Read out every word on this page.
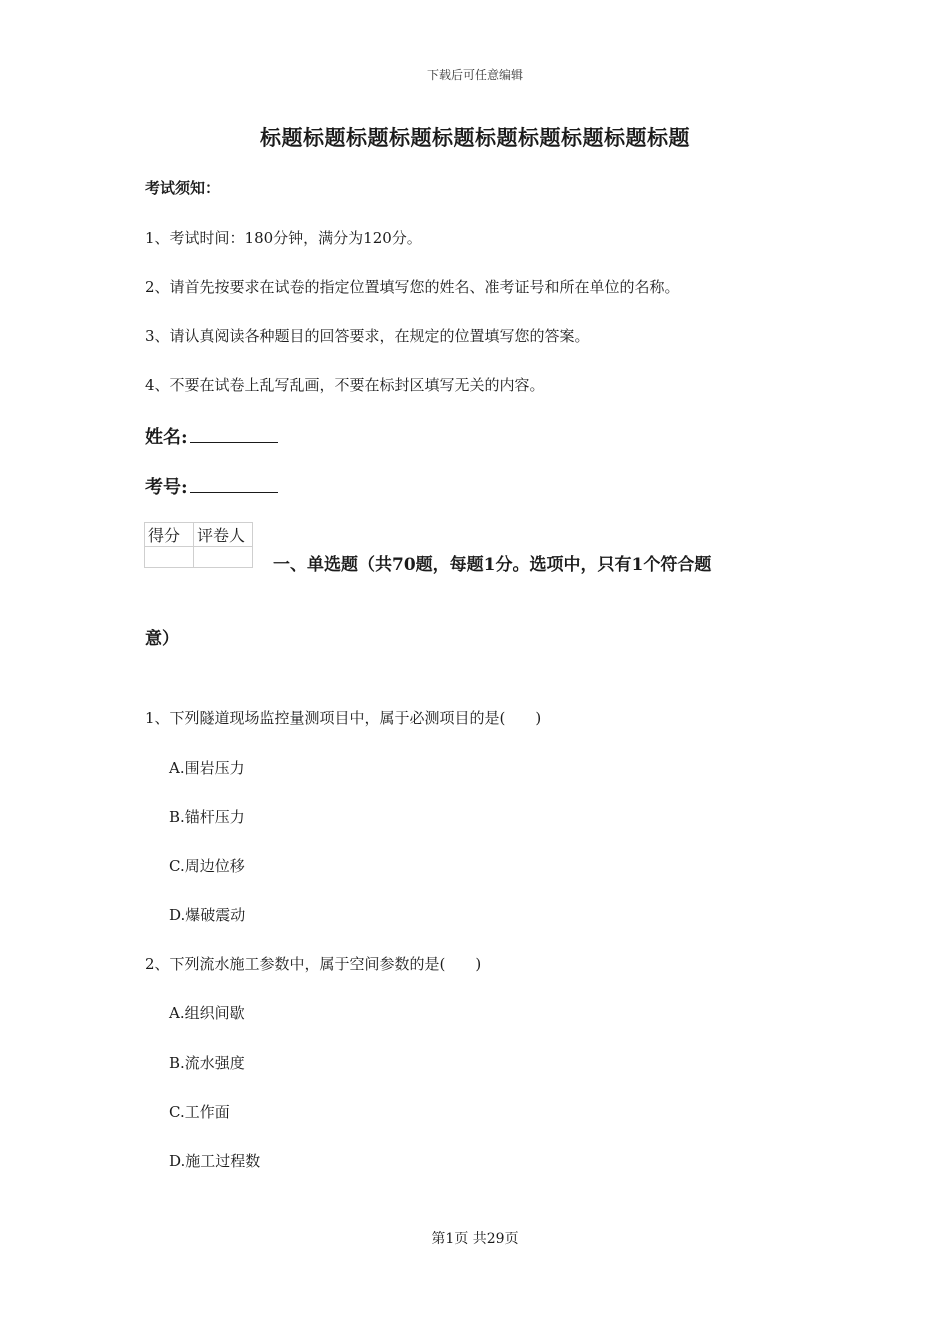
下载后可任意编辑
标题标题标题标题标题标题标题标题标题标题
考试须知：
1、考试时间：180分钟，满分为120分。
2、请首先按要求在试卷的指定位置填写您的姓名、准考证号和所在单位的名称。
3、请认真阅读各种题目的回答要求，在规定的位置填写您的答案。
4、不要在试卷上乱写乱画，不要在标封区填写无关的内容。
姓名:
考号:
得分	评卷人

一、单选题（共70题，每题1分。选项中，只有1个符合题
意）
1、下列隧道现场监控量测项目中，属于必测项目的是(　　)
A.围岩压力
B.锚杆压力
C.周边位移
D.爆破震动
2、下列流水施工参数中，属于空间参数的是(　　)
A.组织间歇
B.流水强度
C.工作面
D.施工过程数
第1页 共29页
